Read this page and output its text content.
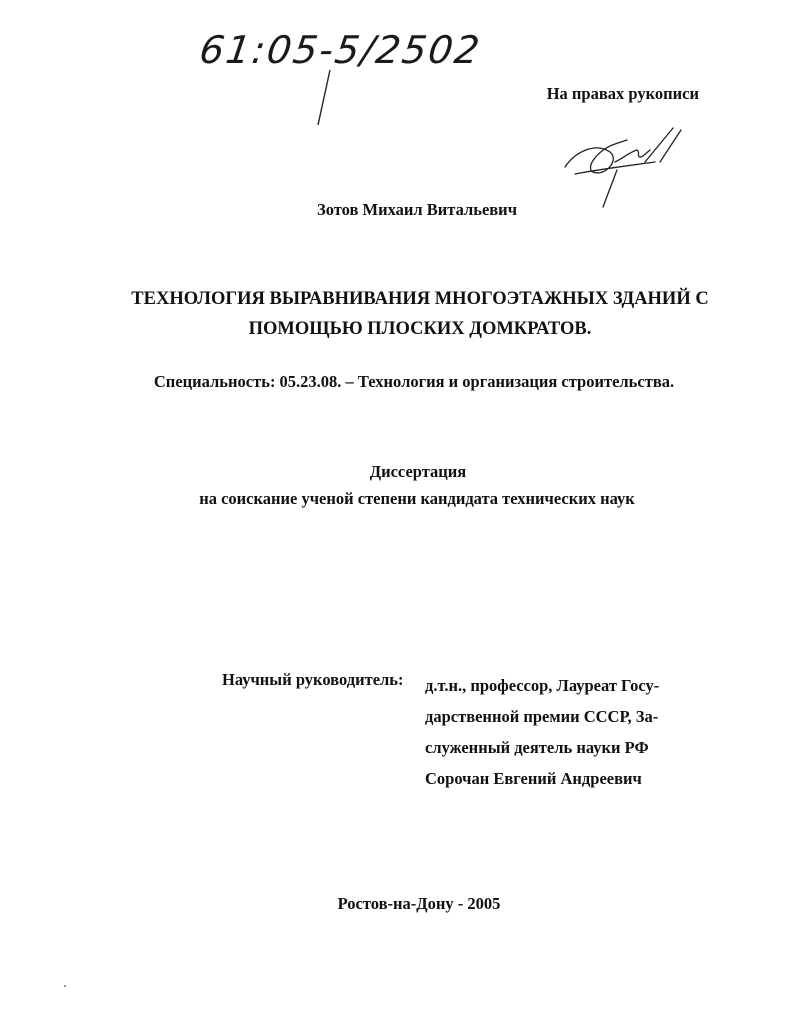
61:05-5/2502
На правах рукописи
Зотов Михаил Витальевич
ТЕХНОЛОГИЯ ВЫРАВНИВАНИЯ МНОГОЭТАЖНЫХ ЗДАНИЙ С
ПОМОЩЬЮ ПЛОСКИХ ДОМКРАТОВ.
Специальность: 05.23.08. – Технология и организация строительства.
Диссертация
на соискание ученой степени кандидата технических наук
Научный руководитель: д.т.н., профессор, Лауреат Госу-
дарственной премии СССР, За-
служенный деятель науки РФ
Сорочан Евгений Андреевич
Ростов-на-Дону - 2005
